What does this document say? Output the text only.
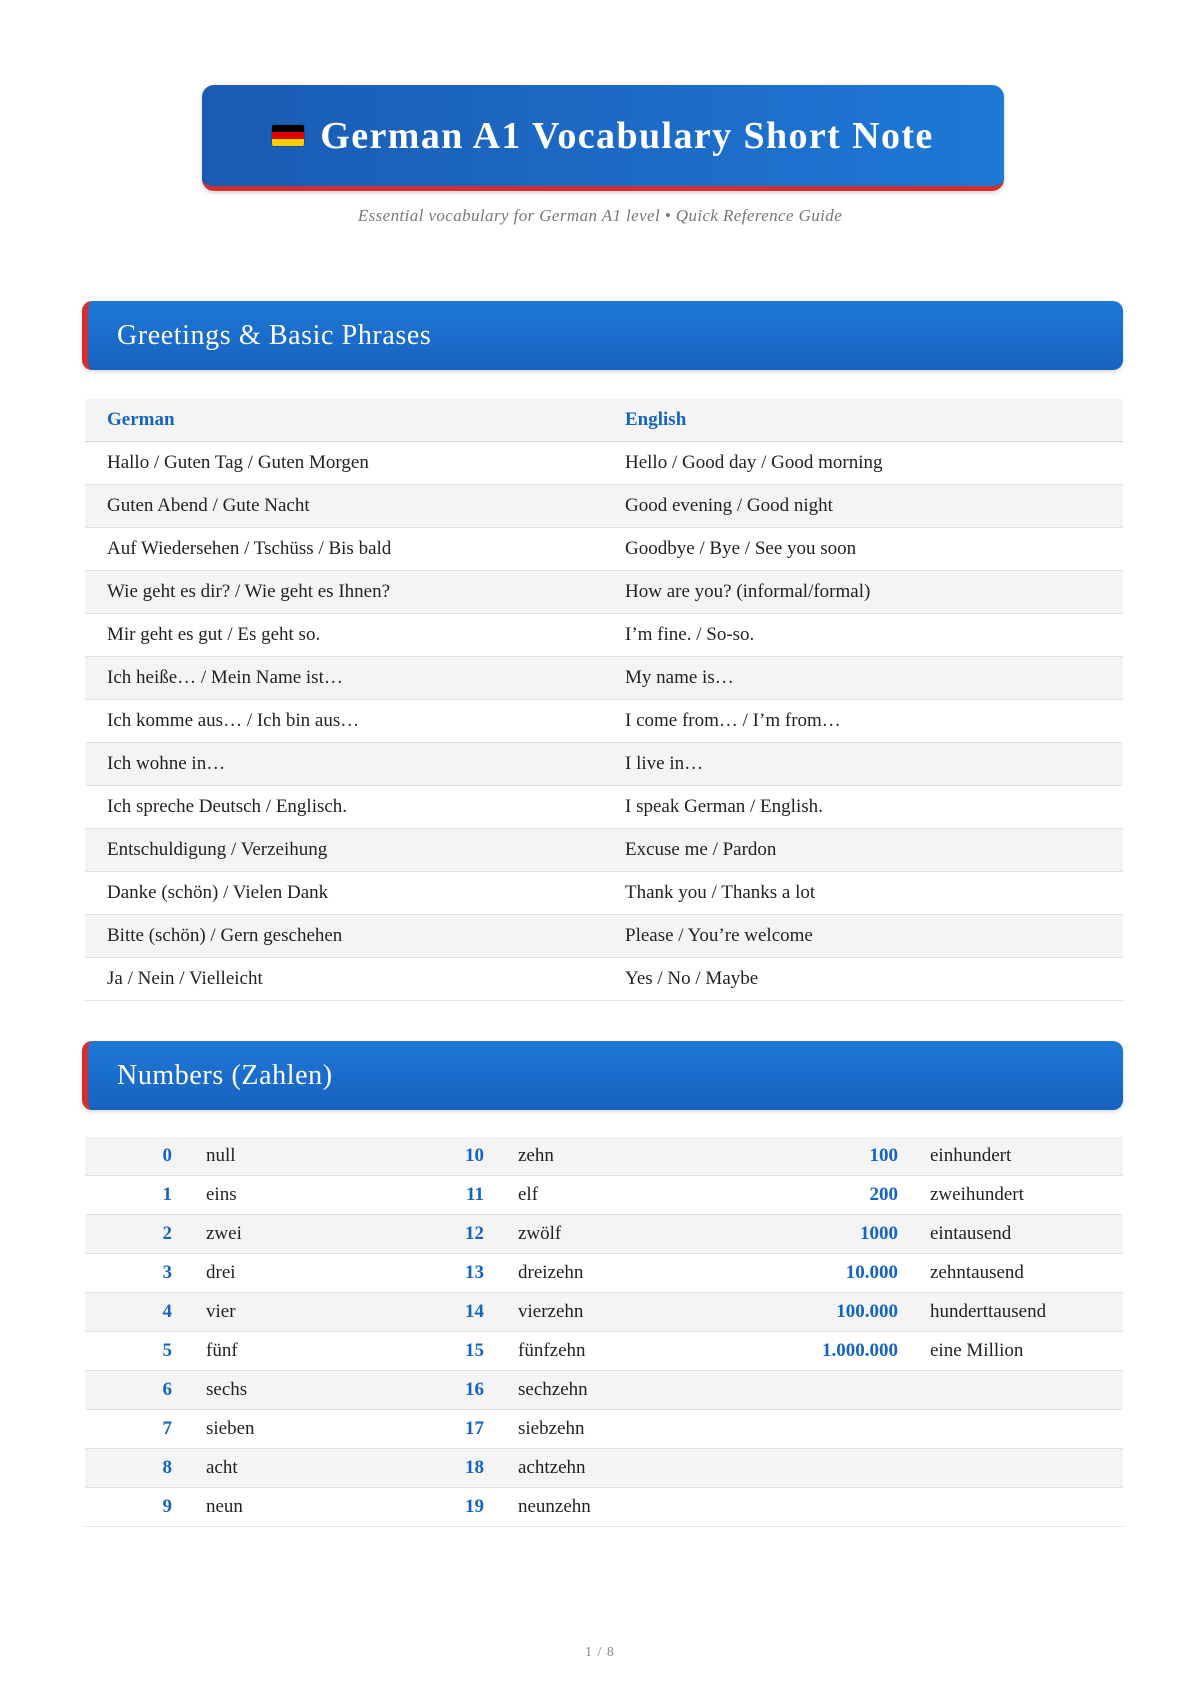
German A1 Vocabulary Short Note
Essential vocabulary for German A1 level • Quick Reference Guide
Greetings & Basic Phrases
German	English
Hallo / Guten Tag / Guten Morgen	Hello / Good day / Good morning
Guten Abend / Gute Nacht	Good evening / Good night
Auf Wiedersehen / Tschüss / Bis bald	Goodbye / Bye / See you soon
Wie geht es dir? / Wie geht es Ihnen?	How are you? (informal/formal)
Mir geht es gut / Es geht so.	I’m fine. / So-so.
Ich heiße… / Mein Name ist…	My name is…
Ich komme aus… / Ich bin aus…	I come from… / I’m from…
Ich wohne in…	I live in…
Ich spreche Deutsch / Englisch.	I speak German / English.
Entschuldigung / Verzeihung	Excuse me / Pardon
Danke (schön) / Vielen Dank	Thank you / Thanks a lot
Bitte (schön) / Gern geschehen	Please / You’re welcome
Ja / Nein / Vielleicht	Yes / No / Maybe
Numbers (Zahlen)
0 null	10 zehn	100 einhundert
1 eins	11 elf	200 zweihundert
2 zwei	12 zwölf	1000 eintausend
3 drei	13 dreizehn	10.000 zehntausend
4 vier	14 vierzehn	100.000 hunderttausend
5 fünf	15 fünfzehn	1.000.000 eine Million
6 sechs	16 sechzehn
7 sieben	17 siebzehn
8 acht	18 achtzehn
9 neun	19 neunzehn
1 / 8
